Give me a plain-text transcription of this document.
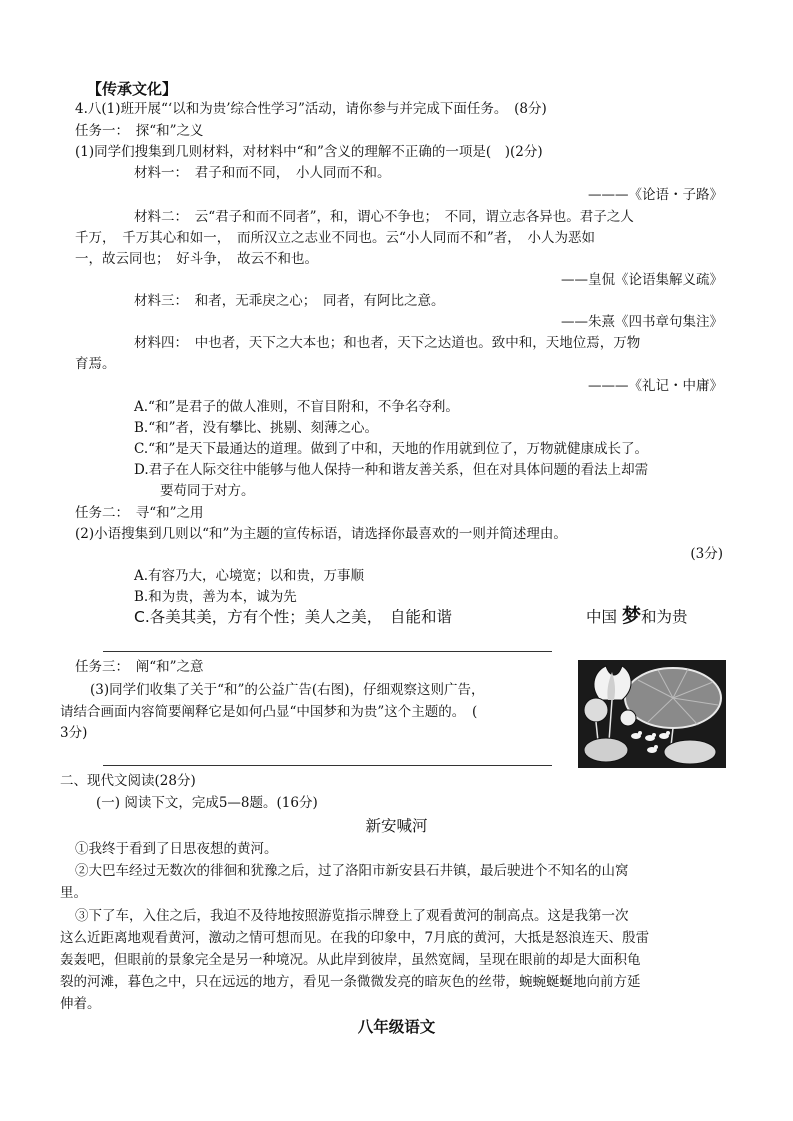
【传承文化】
4.八(1)班开展“‘以和为贵’综合性学习”活动，请你参与并完成下面任务。　(8分)
任务一：　探“和”之义
(1)同学们搜集到几则材料，对材料中“和”含义的理解不正确的一项是(　)(2分)
材料一：　君子和而不同，　小人同而不和。
———《论语・子路》
材料二：　云“君子和而不同者”，和，谓心不争也；　不同，谓立志各异也。君子之人
千万，　千万其心和如一，　而所汉立之志业不同也。云“小人同而不和”者，　小人为恶如
一，故云同也；　好斗争，　故云不和也。
——皇侃《论语集解义疏》
材料三：　和者，无乖戾之心；　同者，有阿比之意。
——朱熹《四书章句集注》
材料四：　中也者，天下之大本也；和也者，天下之达道也。致中和，天地位焉，万物
育焉。
———《礼记・中庸》
A.“和”是君子的做人准则，不盲目附和，不争名夺利。
B.“和”者，没有攀比、挑剔、刻薄之心。
C.“和”是天下最通达的道理。做到了中和，天地的作用就到位了，万物就健康成长了。
D.君子在人际交往中能够与他人保持一种和谐友善关系，但在对具体问题的看法上却需
要苟同于对方。
任务二：　寻“和”之用
(2)小语搜集到几则以“和”为主题的宣传标语，请选择你最喜欢的一则并简述理由。
(3分)
A.有容乃大，心境宽；以和贵，万事顺
B.和为贵，善为本，诚为先
C.各美其美，方有个性；美人之美，　自能和谐	中国 梦和为贵
任务三：　阐“和”之意
(3)同学们收集了关于“和”的公益广告(右图)，仔细观察这则广告，
请结合画面内容简要阐释它是如何凸显“中国梦和为贵”这个主题的。　(
3分)
二、现代文阅读(28分)
(一) 阅读下文，完成5—8题。(16分)
新安喊河
①我终于看到了日思夜想的黄河。
②大巴车经过无数次的徘徊和犹豫之后，过了洛阳市新安县石井镇，最后驶进个不知名的山窝
里。
③下了车，入住之后，我迫不及待地按照游览指示牌登上了观看黄河的制高点。这是我第一次
这么近距离地观看黄河，激动之情可想而见。在我的印象中，7月底的黄河，大抵是怒浪连天、殷雷
轰轰吧，但眼前的景象完全是另一种境况。从此岸到彼岸，虽然宽阔，呈现在眼前的却是大面积龟
裂的河滩，暮色之中，只在远远的地方，看见一条微微发亮的暗灰色的丝带，蜿蜿蜒蜒地向前方延
伸着。
八年级语文
